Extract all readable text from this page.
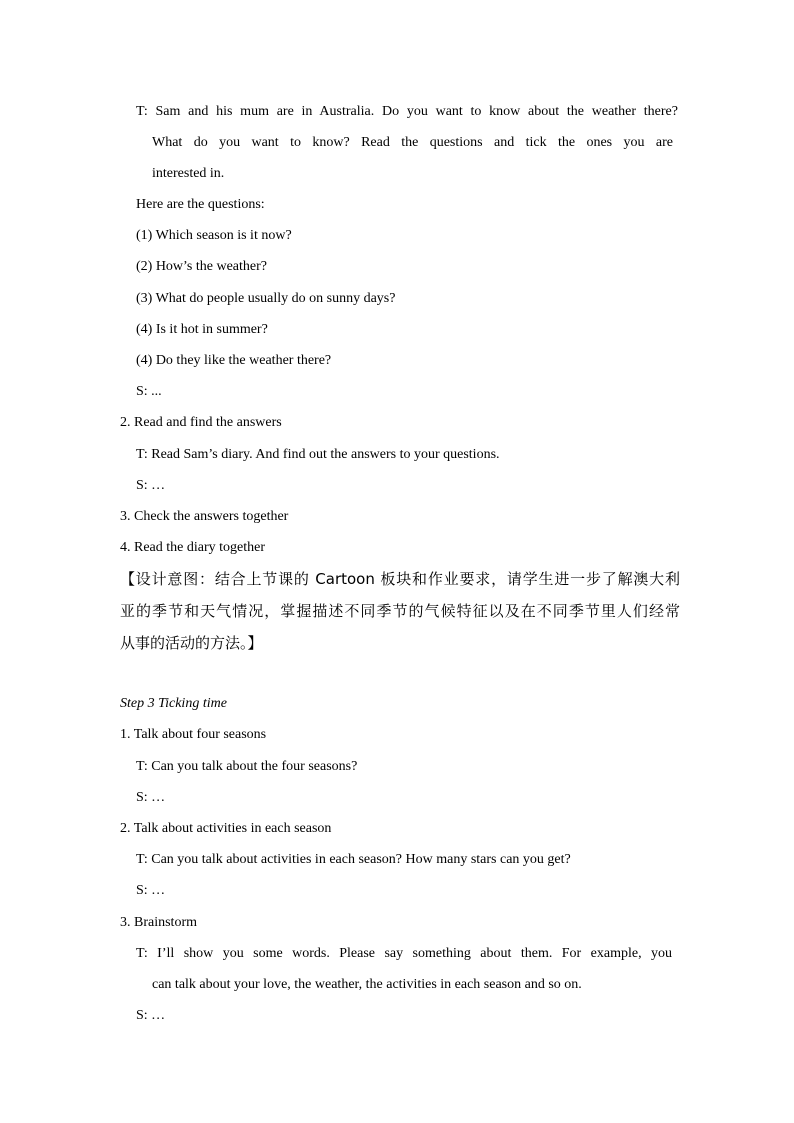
T: Sam and his mum are in Australia. Do you want to know about the weather there?
What do you want to know? Read the questions and tick the ones you are
interested in.
Here are the questions:
(1) Which season is it now?
(2) How’s the weather?
(3) What do people usually do on sunny days?
(4) Is it hot in summer?
(4) Do they like the weather there?
S: ...
2. Read and find the answers
T: Read Sam’s diary. And find out the answers to your questions.
S: …
3. Check the answers together
4. Read the diary together
【设计意图：结合上节课的 Cartoon 板块和作业要求，请学生进一步了解澳大利
亚的季节和天气情况，掌握描述不同季节的气候特征以及在不同季节里人们经常
从事的活动的方法。】
Step 3 Ticking time
1. Talk about four seasons
T: Can you talk about the four seasons?
S: …
2. Talk about activities in each season
T: Can you talk about activities in each season? How many stars can you get?
S: …
3. Brainstorm
T: I’ll show you some words. Please say something about them. For example, you
can talk about your love, the weather, the activities in each season and so on.
S: …
